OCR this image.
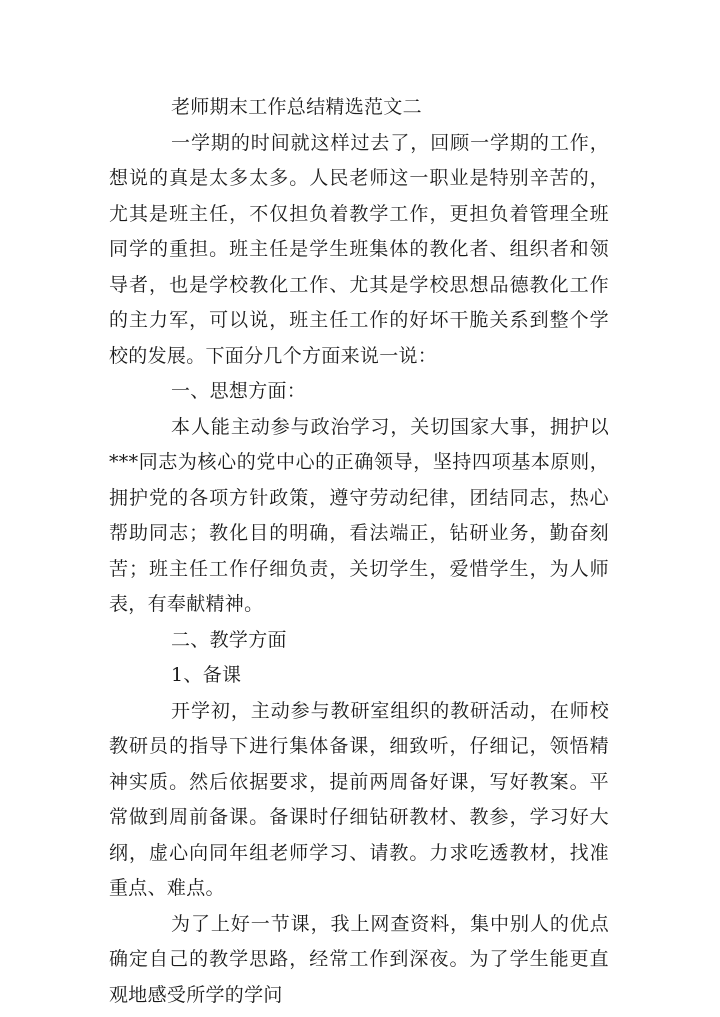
老师期末工作总结精选范文二

一学期的时间就这样过去了，回顾一学期的工作，想说的真是太多太多。人民老师这一职业是特别辛苦的，尤其是班主任，不仅担负着教学工作，更担负着管理全班同学的重担。班主任是学生班集体的教化者、组织者和领导者，也是学校教化工作、尤其是学校思想品德教化工作的主力军，可以说，班主任工作的好坏干脆关系到整个学校的发展。下面分几个方面来说一说：

一、思想方面：

本人能主动参与政治学习，关切国家大事，拥护以***同志为核心的党中心的正确领导，坚持四项基本原则，拥护党的各项方针政策，遵守劳动纪律，团结同志，热心帮助同志；教化目的明确，看法端正，钻研业务，勤奋刻苦；班主任工作仔细负责，关切学生，爱惜学生，为人师表，有奉献精神。

二、教学方面

1、备课

开学初，主动参与教研室组织的教研活动，在师校教研员的指导下进行集体备课，细致听，仔细记，领悟精神实质。然后依据要求，提前两周备好课，写好教案。平常做到周前备课。备课时仔细钻研教材、教参，学习好大纲，虚心向同年组老师学习、请教。力求吃透教材，找准重点、难点。

为了上好一节课，我上网查资料，集中别人的优点确定自己的教学思路，经常工作到深夜。为了学生能更直观地感受所学的学问
